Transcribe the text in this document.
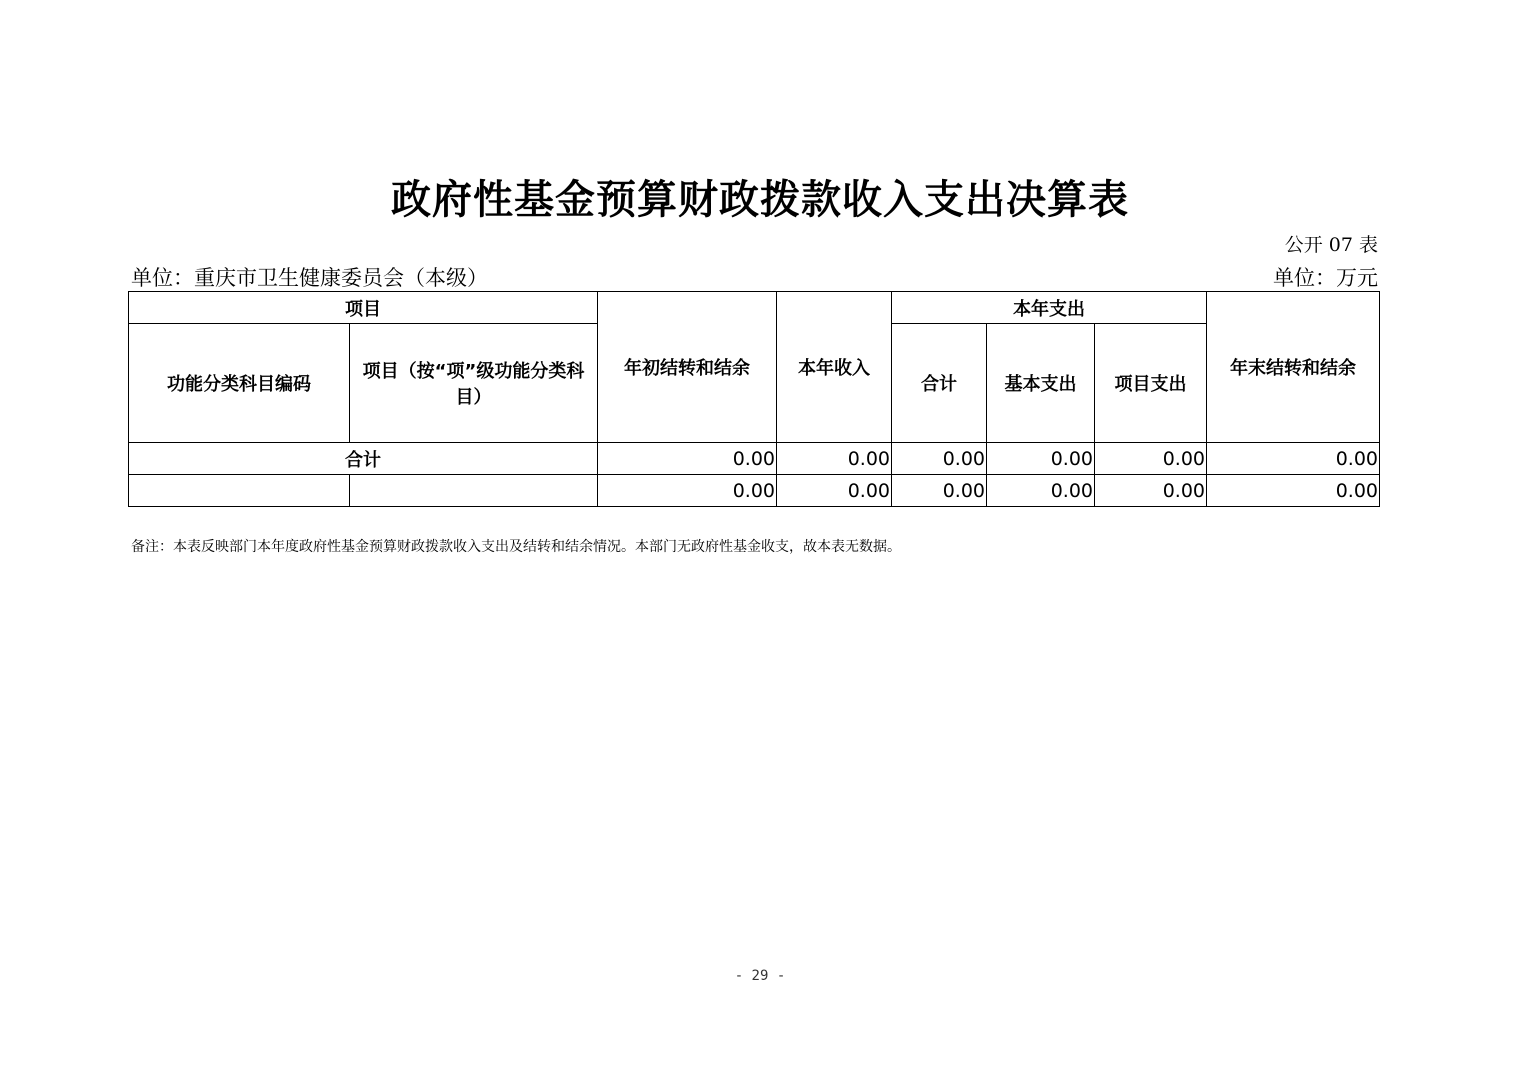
政府性基金预算财政拨款收入支出决算表
公开 07 表
单位：重庆市卫生健康委员会（本级）	单位：万元
项目		年初结转和结余	本年收入	本年支出			年末结转和结余
功能分类科目编码	项目（按“项”级功能分类科目）			合计	基本支出	项目支出	
合计		0.00	0.00	0.00	0.00	0.00	0.00
		0.00	0.00	0.00	0.00	0.00	0.00
备注：本表反映部门本年度政府性基金预算财政拨款收入支出及结转和结余情况。本部门无政府性基金收支，故本表无数据。
- 29 -
